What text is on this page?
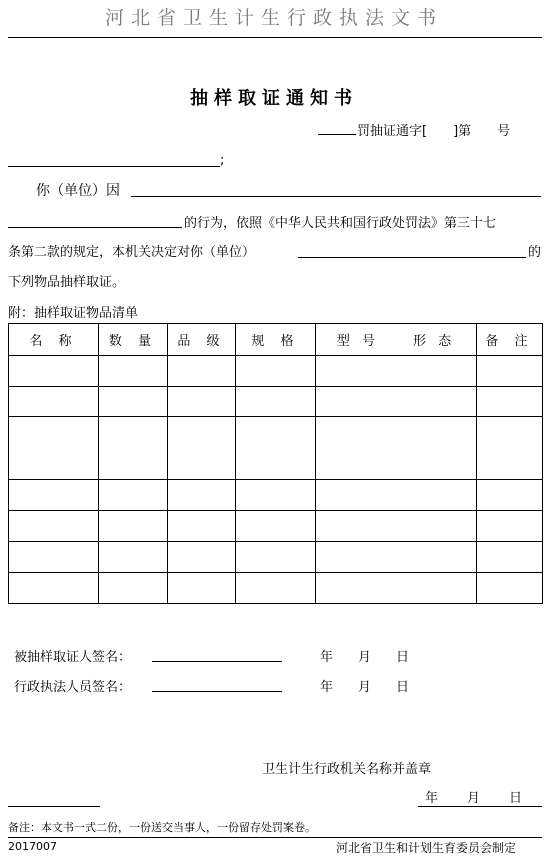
河北省卫生计生行政执法文书
抽样取证通知书
罚抽证通字[　　]第　　号
;
你（单位）因
的行为，依照《中华人民共和国行政处罚法》第三十七
条第二款的规定，本机关决定对你（单位）	的
下列物品抽样取证。
附：抽样取证物品清单
名 称	数 量	品 级	规 格	型 号　　形 态	备 注

被抽样取证人签名：	年　月　日
行政执法人员签名：	年　月　日
卫生计生行政机关名称并盖章
年　月　日
备注：本文书一式二份，一份送交当事人，一份留存处罚案卷。
2017007	河北省卫生和计划生育委员会制定
